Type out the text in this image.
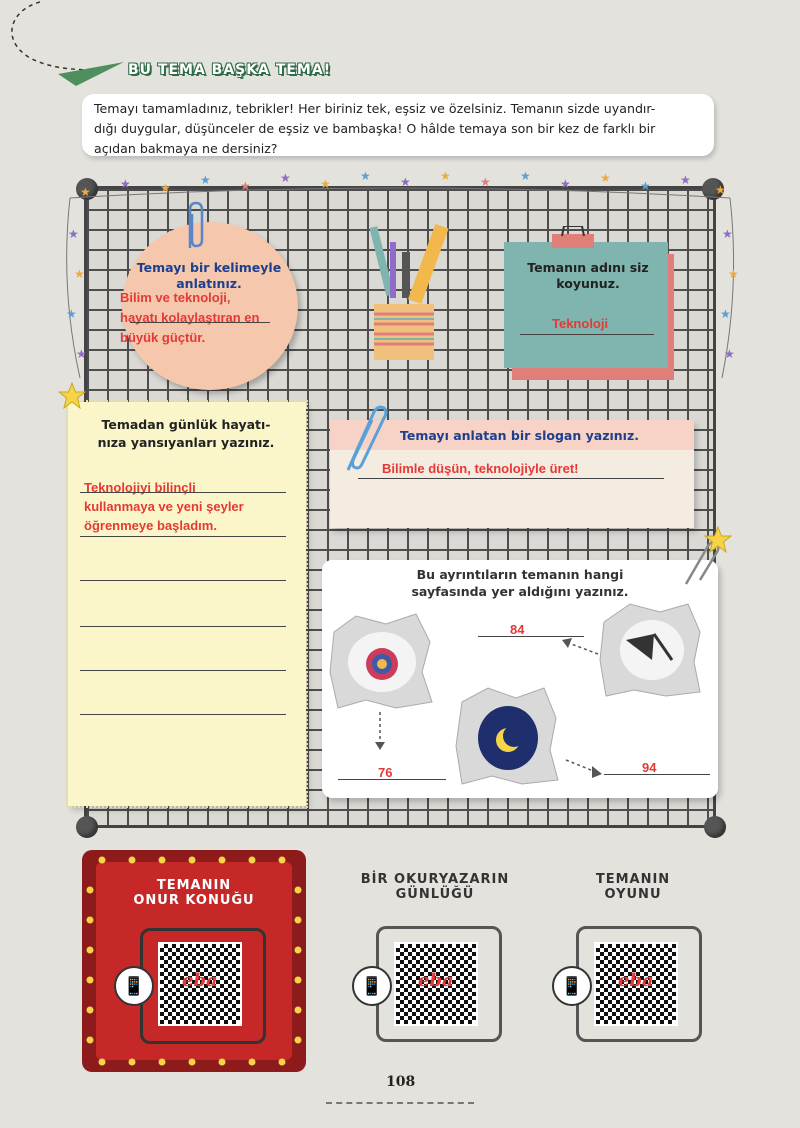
BU TEMA BAŞKA TEMA!
Temayı tamamladınız, tebrikler! Her biriniz tek, eşsiz ve özelsiniz. Temanın sizde uyandır-
dığı duygular, düşünceler de eşsiz ve bambaşka! O hâlde temaya son bir kez de farklı bir
açıdan bakmaya ne dersiniz?
★
★ ★
★ ★
★ ★
★ ★ ★ ★ ★
★ ★
★ ★
★
★
★
★
★
★
★
★
★
Temayı bir kelimeyle
anlatınız.
Bilim ve teknoloji,
hayatı kolaylaştıran en
büyük güçtür.
Temanın adını siz
koyunuz.
Teknoloji
Temadan günlük hayatı-
nıza yansıyanları yazınız.
Teknolojiyi bilinçli
kullanmaya ve yeni şeyler
öğrenmeye başladım.
Temayı anlatan bir slogan yazınız.
Bilimle düşün, teknolojiyle üret!
Bu ayrıntıların temanın hangi
sayfasında yer aldığını yazınız.
84
76	94
TEMANIN
ONUR KONUĞU
eba
📱
BİR OKURYAZARIN
GÜNLÜĞÜ
eba
📱
TEMANIN
OYUNU
eba
📱
108
